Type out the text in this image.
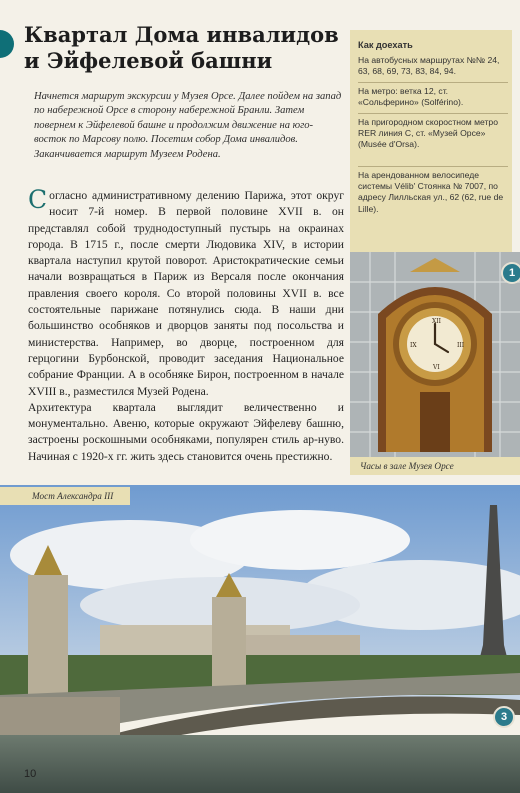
Квартал Дома инвалидов и Эйфелевой башни
Начнется маршрут экскурсии у Музея Орсе. Далее пойдем на запад по набережной Орсе в сторону набережной Бранли. Затем повернем к Эйфелевой башне и продолжим движение на юго-восток по Марсову полю. Посетим собор Дома инвалидов. Заканчивается маршрут Музеем Родена.

Согласно административному делению Парижа, этот округ носит 7-й номер. В первой половине XVII в. он представлял собой труднодоступный пустырь на окраинах города. В 1715 г., после смерти Людовика XIV, в истории квартала наступил крутой поворот. Аристократические семьи начали возвращаться в Париж из Версаля после окончания правления своего короля. Со второй половины XVII в. все состоятельные парижане потянулись сюда. В наши дни большинство особняков и дворцов заняты под посольства и министерства. Например, во дворце, построенном для герцогини Бурбонской, проводит заседания Национальное собрание Франции. А в особняке Бирон, построенном в начале XVIII в., разместился Музей Родена.

Архитектура квартала выглядит величественно и монументально. Авеню, которые окружают Эйфелеву башню, застроены роскошными особняками, популярен стиль ар-нуво. Начиная с 1920-х гг. жить здесь становится очень престижно.

Как доехать
На автобусных маршрутах №№ 24, 63, 68, 69, 73, 83, 84, 94.
На метро: ветка 12, ст. «Сольферино» (Solférino).
На пригородном скоростном метро RER линия C, ст. «Музей Орсе» (Musée d'Orsa).
На арендованном велосипеде системы Vélib' Стоянка № 7007, по адресу Лилльская ул., 62 (62, rue de Lille).
XII
III
VI
IX
1
Часы в зале Музея Орсе
Мост Александра III
3
10
